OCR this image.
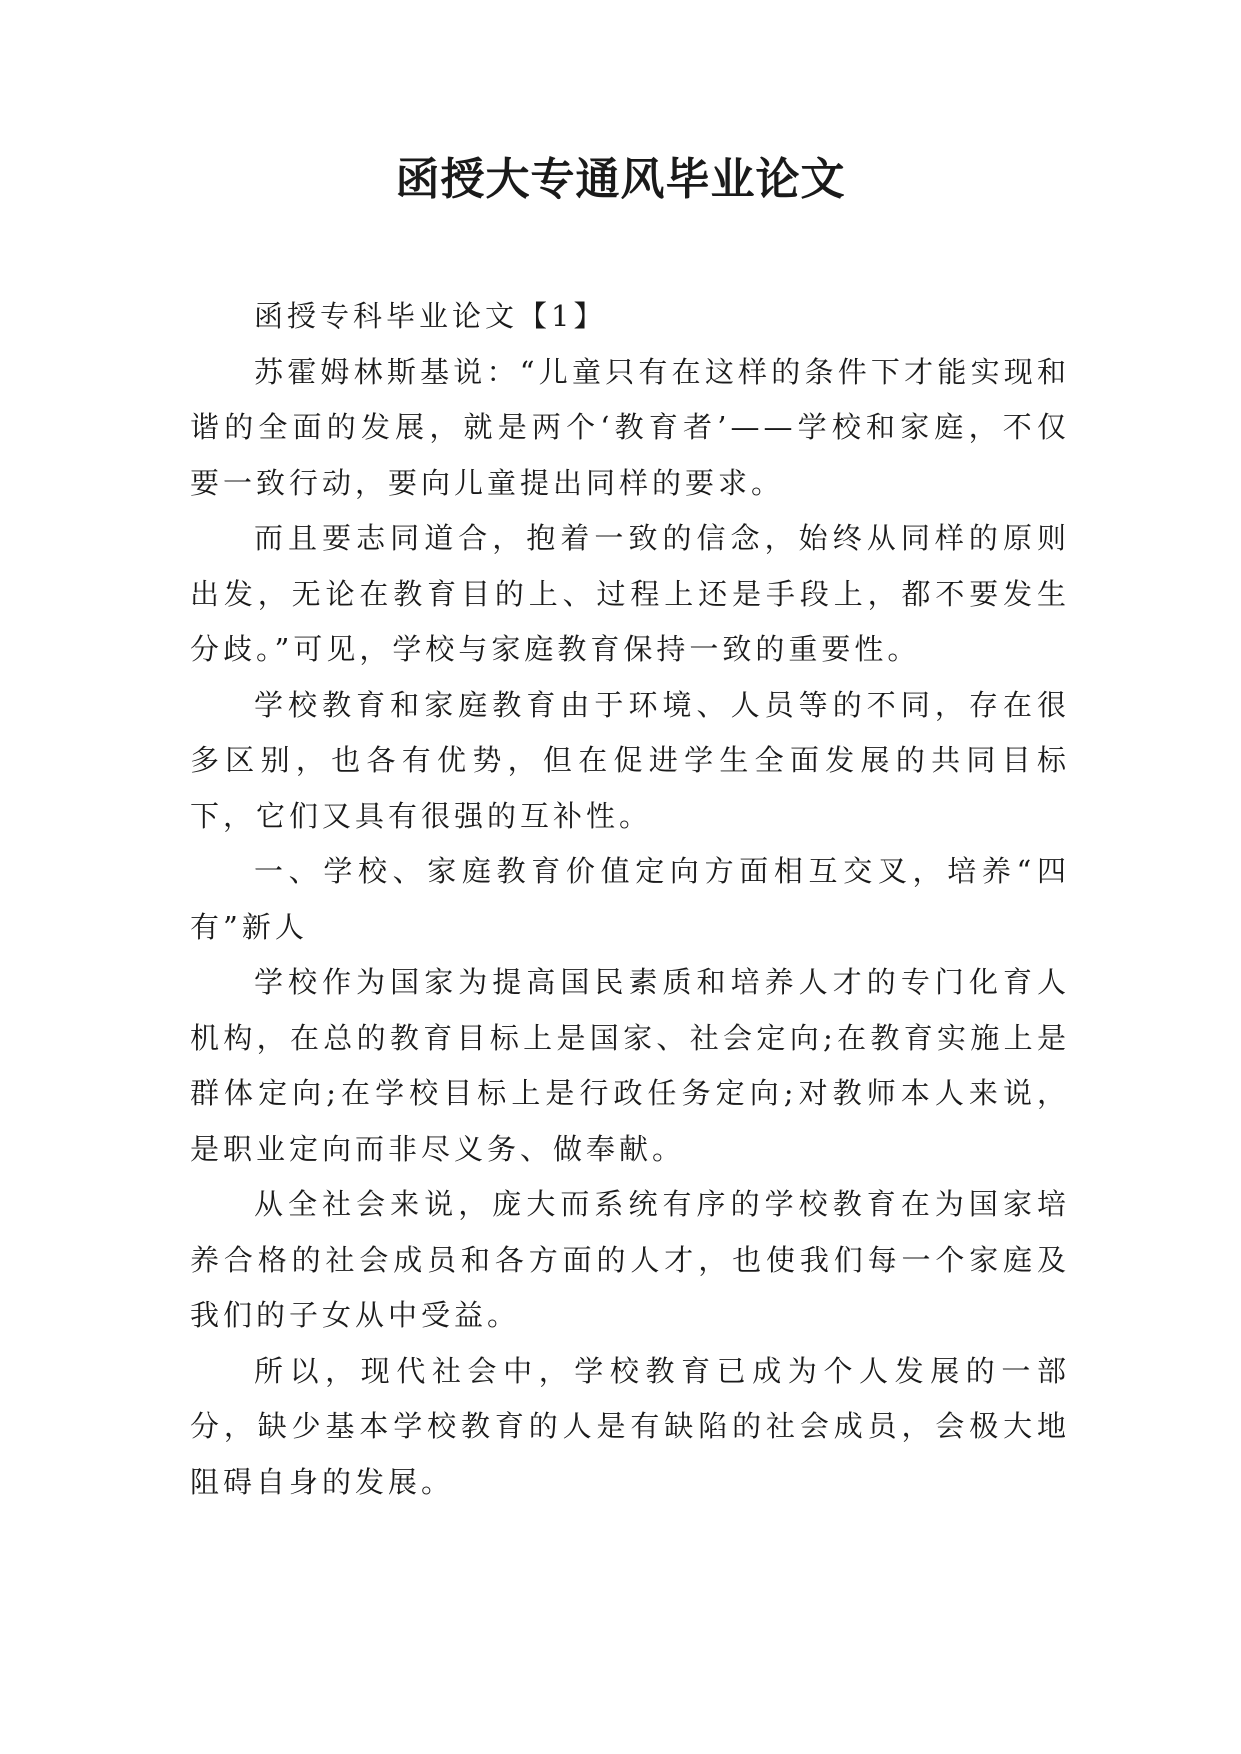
函授大专通风毕业论文

函授专科毕业论文【1】

苏霍姆林斯基说：“儿童只有在这样的条件下才能实现和谐的全面的发展，就是两个‘教育者’——学校和家庭，不仅要一致行动，要向儿童提出同样的要求。

而且要志同道合，抱着一致的信念，始终从同样的原则出发，无论在教育目的上、过程上还是手段上，都不要发生分歧。”可见，学校与家庭教育保持一致的重要性。

学校教育和家庭教育由于环境、人员等的不同，存在很多区别，也各有优势，但在促进学生全面发展的共同目标下，它们又具有很强的互补性。

一、学校、家庭教育价值定向方面相互交叉，培养“四有”新人

学校作为国家为提高国民素质和培养人才的专门化育人机构，在总的教育目标上是国家、社会定向;在教育实施上是群体定向;在学校目标上是行政任务定向;对教师本人来说，是职业定向而非尽义务、做奉献。

从全社会来说，庞大而系统有序的学校教育在为国家培养合格的社会成员和各方面的人才，也使我们每一个家庭及我们的子女从中受益。

所以，现代社会中，学校教育已成为个人发展的一部分，缺少基本学校教育的人是有缺陷的社会成员，会极大地阻碍自身的发展。
